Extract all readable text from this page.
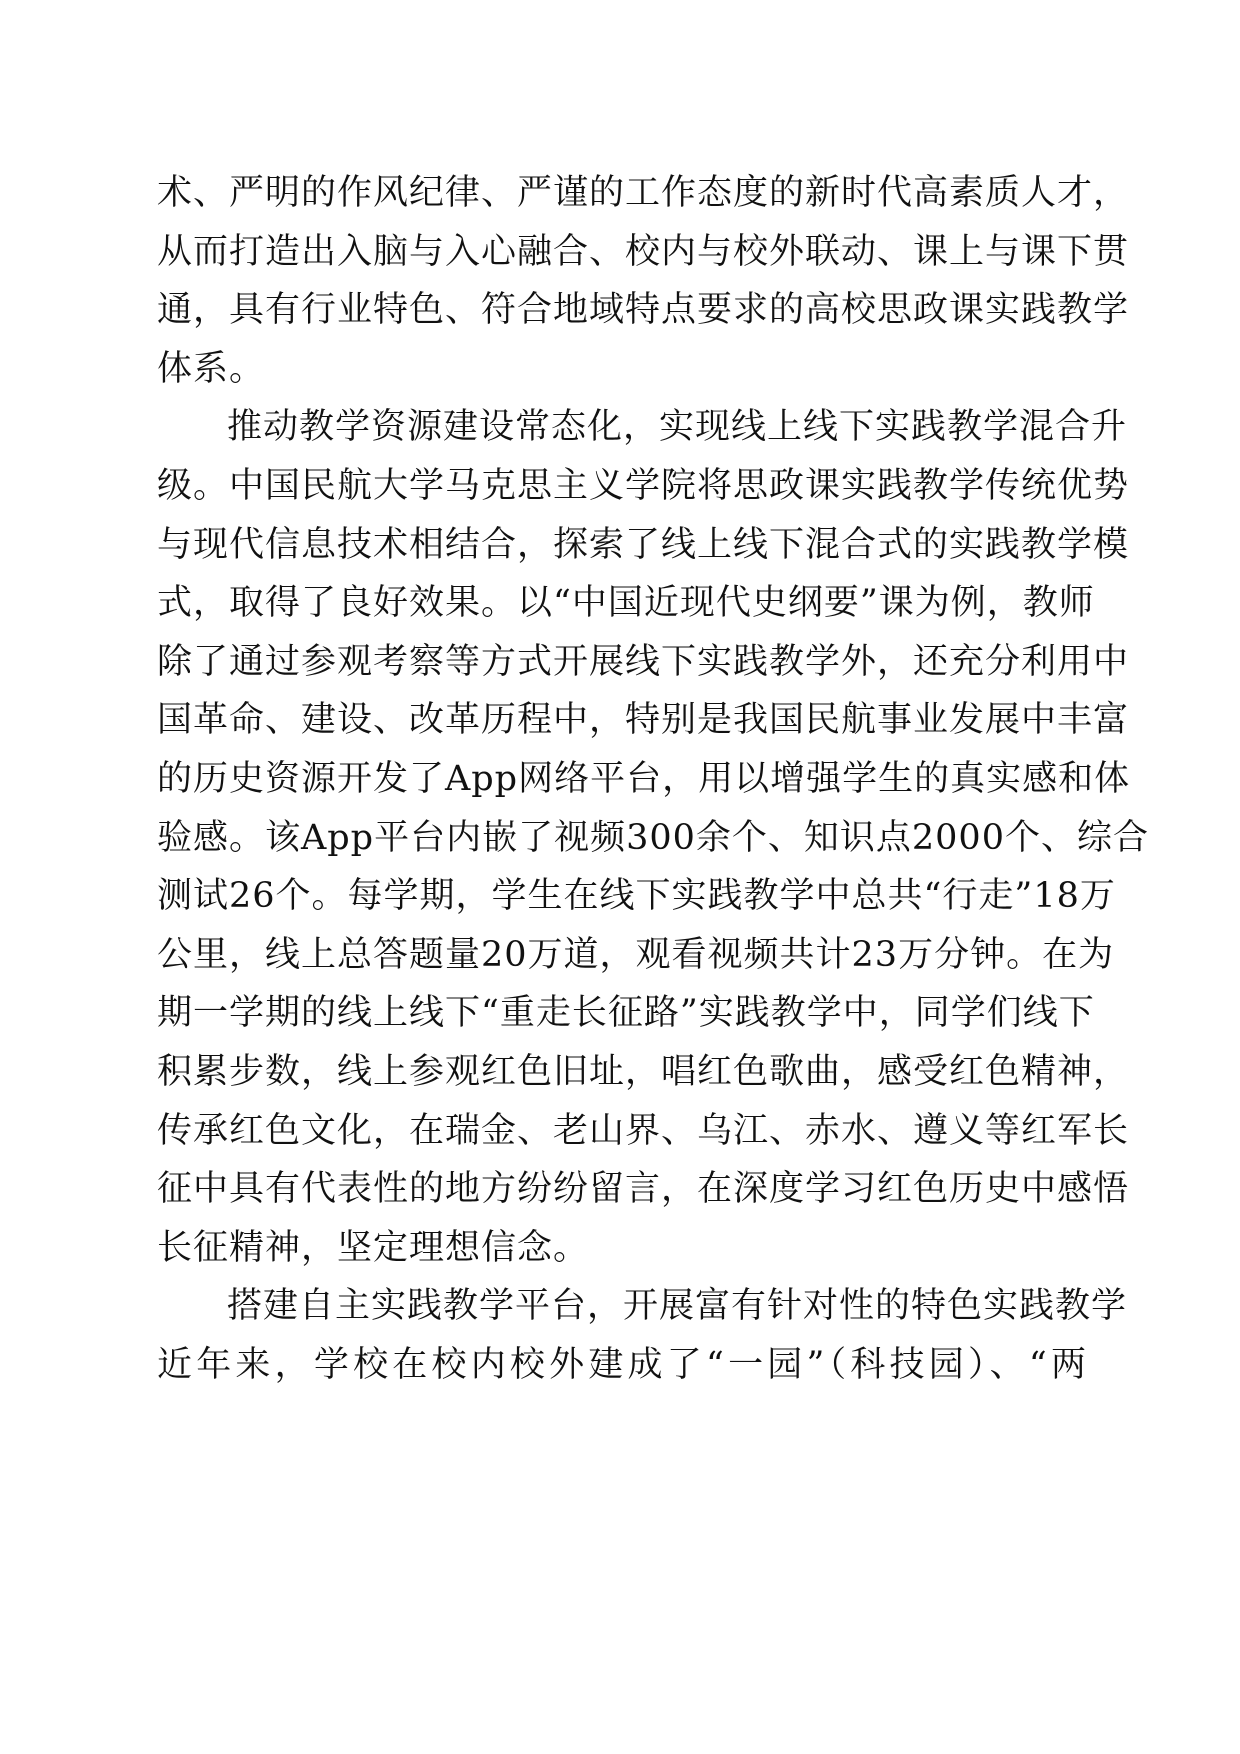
术、严明的作风纪律、严谨的工作态度的新时代高素质人才，
从而打造出入脑与入心融合、校内与校外联动、课上与课下贯
通，具有行业特色、符合地域特点要求的高校思政课实践教学
体系。
推动教学资源建设常态化，实现线上线下实践教学混合升
级。中国民航大学马克思主义学院将思政课实践教学传统优势
与现代信息技术相结合，探索了线上线下混合式的实践教学模
式，取得了良好效果。以“中国近现代史纲要”课为例，教师
除了通过参观考察等方式开展线下实践教学外，还充分利用中
国革命、建设、改革历程中，特别是我国民航事业发展中丰富
的历史资源开发了App网络平台，用以增强学生的真实感和体
验感。该App平台内嵌了视频300余个、知识点2000个、综合
测试26个。每学期，学生在线下实践教学中总共“行走”18万
公里，线上总答题量20万道，观看视频共计23万分钟。在为
期一学期的线上线下“重走长征路”实践教学中，同学们线下
积累步数，线上参观红色旧址，唱红色歌曲，感受红色精神，
传承红色文化，在瑞金、老山界、乌江、赤水、遵义等红军长
征中具有代表性的地方纷纷留言，在深度学习红色历史中感悟
长征精神，坚定理想信念。
搭建自主实践教学平台，开展富有针对性的特色实践教学
近年来，学校在校内校外建成了“一园”（科技园）、“两
